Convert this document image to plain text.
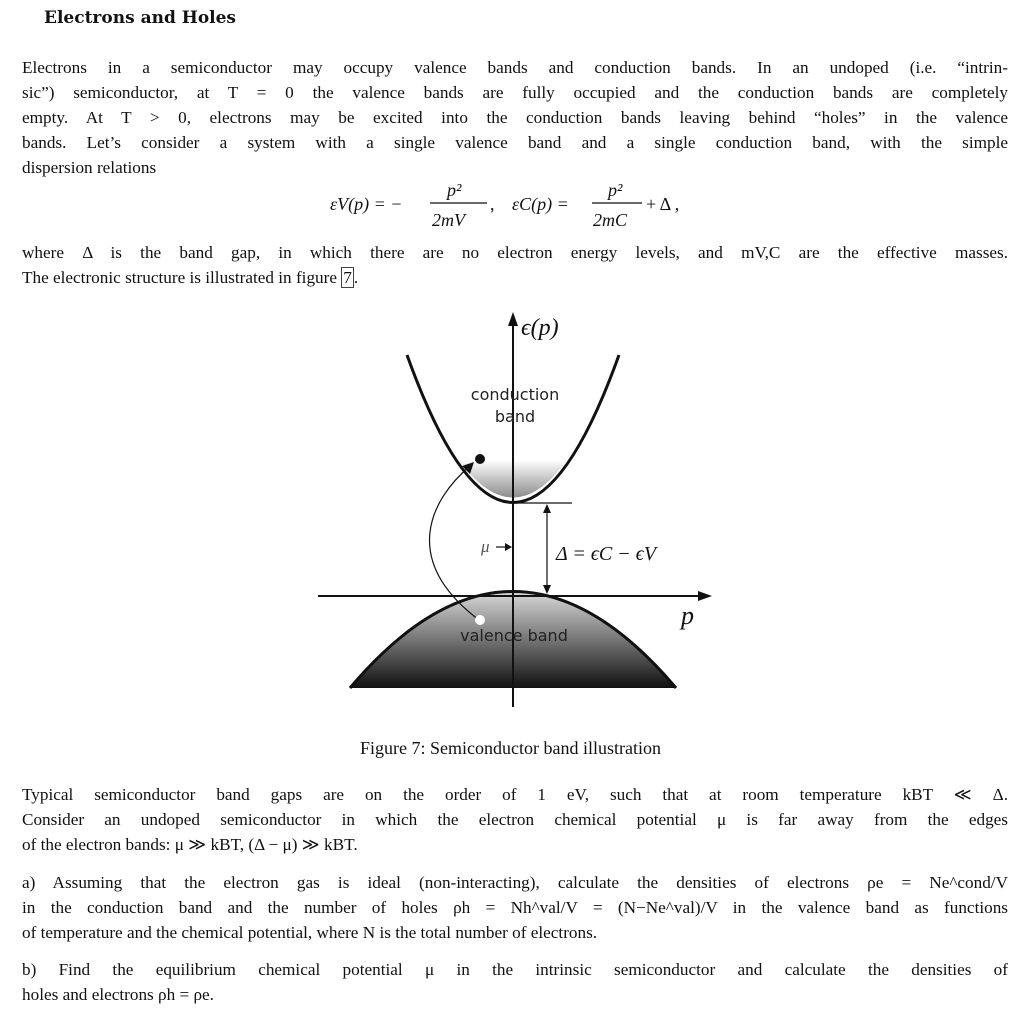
Electrons and Holes
Electrons in a semiconductor may occupy valence bands and conduction bands. In an undoped (i.e. “intrin-
sic”) semiconductor, at T = 0 the valence bands are fully occupied and the conduction bands are completely
empty. At T > 0, electrons may be excited into the conduction bands leaving behind “holes” in the valence
bands. Let’s consider a system with a single valence band and a single conduction band, with the simple
dispersion relations
εV(p) = −
p²
2mV
, εC(p) =
p²
2mC
+ Δ ,
where Δ is the band gap, in which there are no electron energy levels, and mV,C are the effective masses.
The electronic structure is illustrated in figure 7 .
conduction
band
valence band
ϵ(p)
p
μ	Δ = ϵC − ϵV
Figure 7: Semiconductor band illustration
Typical semiconductor band gaps are on the order of 1 eV, such that at room temperature kBT ≪ Δ.
Consider an undoped semiconductor in which the electron chemical potential μ is far away from the edges
of the electron bands: μ ≫ kBT, (Δ − μ) ≫ kBT.
a) Assuming that the electron gas is ideal (non-interacting), calculate the densities of electrons ρe = Ne^cond/V
in the conduction band and the number of holes ρh = Nh^val/V = (N−Ne^val)/V in the valence band as functions
of temperature and the chemical potential, where N is the total number of electrons.
b) Find the equilibrium chemical potential μ in the intrinsic semiconductor and calculate the densities of
holes and electrons ρh = ρe.
